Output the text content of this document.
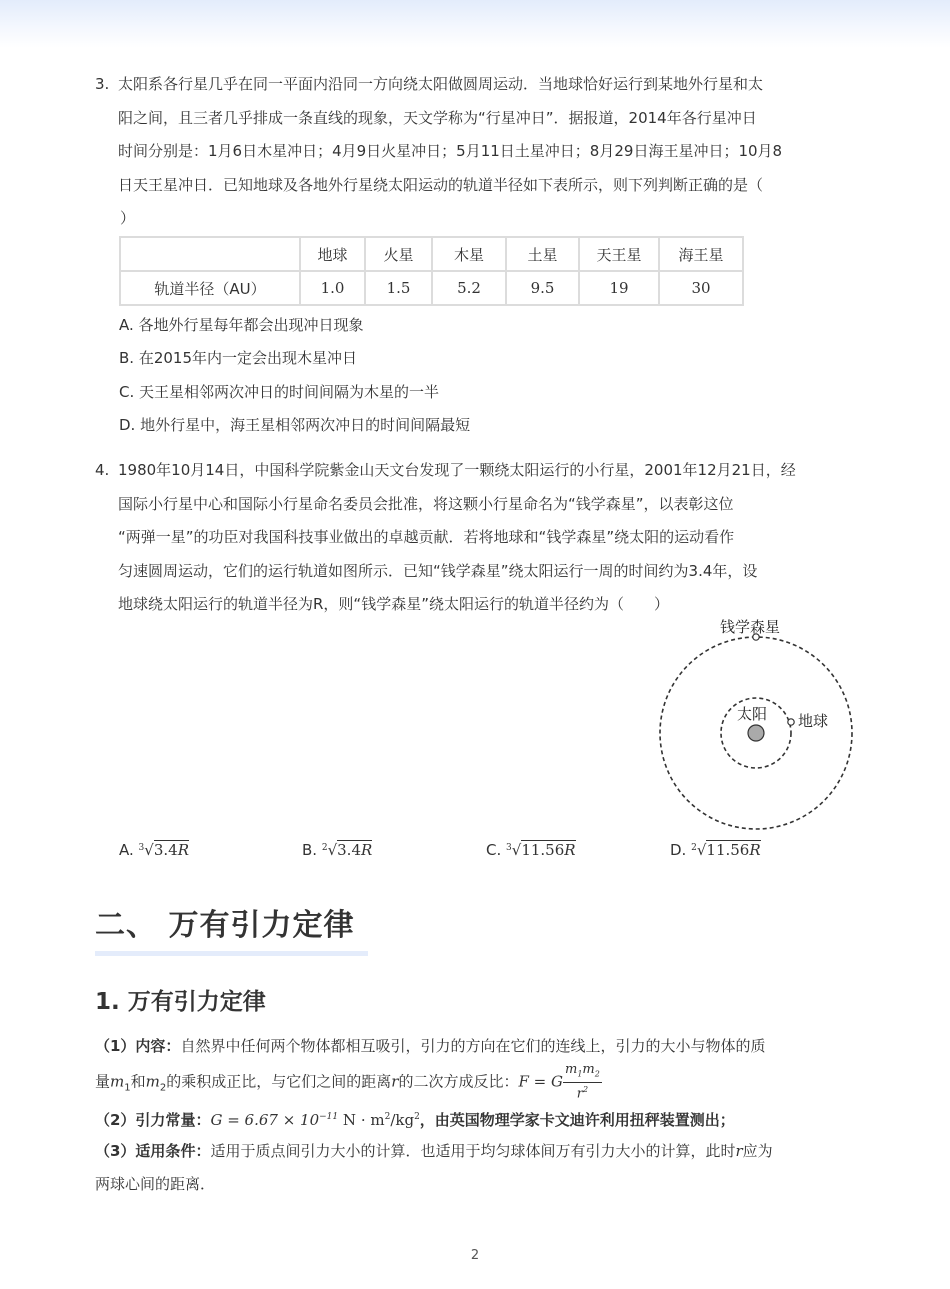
3. 太阳系各行星几乎在同一平面内沿同一方向绕太阳做圆周运动．当地球恰好运行到某地外行星和太
阳之间，且三者几乎排成一条直线的现象，天文学称为“行星冲日”．据报道，2014年各行星冲日
时间分别是：1月6日木星冲日；4月9日火星冲日；5月11日土星冲日；8月29日海王星冲日；10月8
日天王星冲日．已知地球及各地外行星绕太阳运动的轨道半径如下表所示，则下列判断正确的是（
）
	地球	火星	木星	土星	天王星	海王星
轨道半径（AU）	1.0	1.5	5.2	9.5	19	30
A. 各地外行星每年都会出现冲日现象
B. 在2015年内一定会出现木星冲日
C. 天王星相邻两次冲日的时间间隔为木星的一半
D. 地外行星中，海王星相邻两次冲日的时间间隔最短
4. 1980年10月14日，中国科学院紫金山天文台发现了一颗绕太阳运行的小行星，2001年12月21日，经
国际小行星中心和国际小行星命名委员会批准，将这颗小行星命名为“钱学森星”，以表彰这位
“两弹一星”的功臣对我国科技事业做出的卓越贡献．若将地球和“钱学森星”绕太阳的运动看作
匀速圆周运动，它们的运行轨道如图所示．已知“钱学森星”绕太阳运行一周的时间约为3.4年，设
地球绕太阳运行的轨道半径为R，则“钱学森星”绕太阳运行的轨道半径约为（　　）
钱学森星
太阳 地球
A. $^3$√3.4R	B. $^2$√3.4R	C. $^3$√11.56R	D. $^2$√11.56R
二、 万有引力定律
1. 万有引力定律
（1）内容：自然界中任何两个物体都相互吸引，引力的方向在它们的连线上，引力的大小与物体的质
量$m_1$和$m_2$的乘积成正比，与它们之间的距离r的二次方成反比：F = G $\frac{m_1m_2}{r^2}$
（2）引力常量：$G = 6.67 \times 10^{-11}$ $N \cdot m^2/kg^2$，由英国物理学家卡文迪许利用扭秤装置测出；
（3）适用条件：适用于质点间引力大小的计算．也适用于均匀球体间万有引力大小的计算，此时r应为
两球心间的距离．
2
